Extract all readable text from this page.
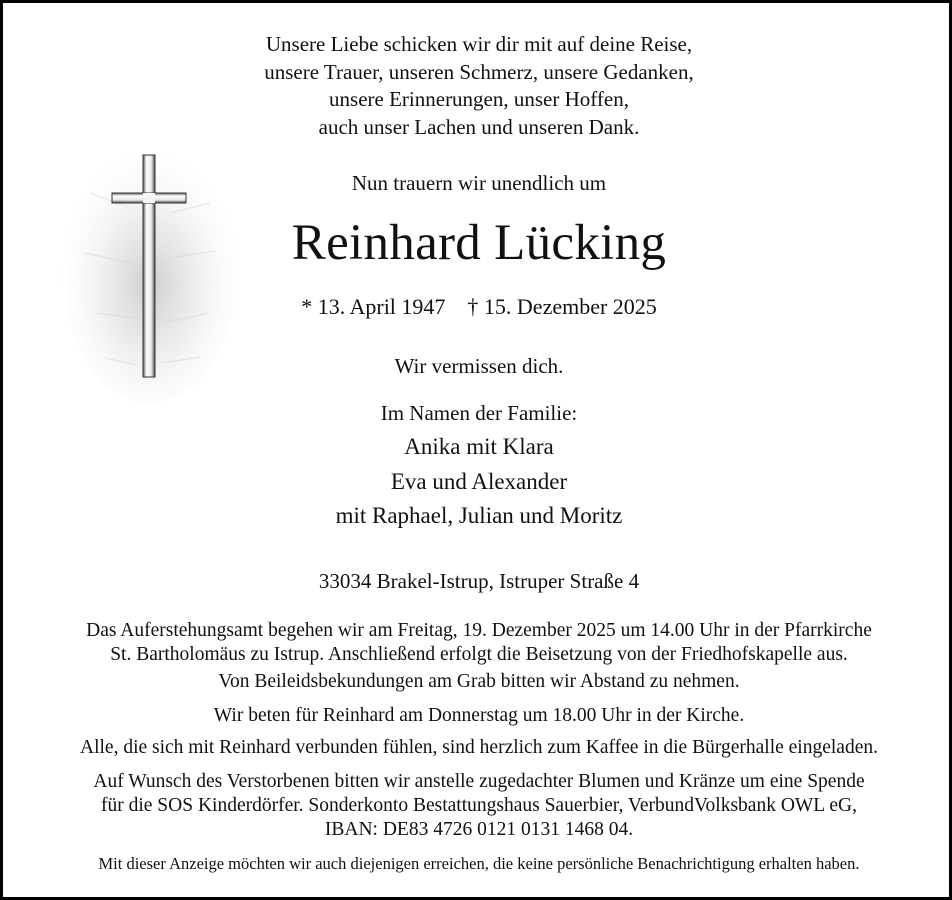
Unsere Liebe schicken wir dir mit auf deine Reise,
unsere Trauer, unseren Schmerz, unsere Gedanken,
unsere Erinnerungen, unser Hoffen,
auch unser Lachen und unseren Dank.
Nun trauern wir unendlich um
Reinhard Lücking
* 13. April 1947 † 15. Dezember 2025
Wir vermissen dich.
Im Namen der Familie:
Anika mit Klara
Eva und Alexander
mit Raphael, Julian und Moritz
33034 Brakel-Istrup, Istruper Straße 4
Das Auferstehungsamt begehen wir am Freitag, 19. Dezember 2025 um 14.00 Uhr in der Pfarrkirche
St. Bartholomäus zu Istrup. Anschließend erfolgt die Beisetzung von der Friedhofskapelle aus.
Von Beileidsbekundungen am Grab bitten wir Abstand zu nehmen.
Wir beten für Reinhard am Donnerstag um 18.00 Uhr in der Kirche.
Alle, die sich mit Reinhard verbunden fühlen, sind herzlich zum Kaffee in die Bürgerhalle eingeladen.
Auf Wunsch des Verstorbenen bitten wir anstelle zugedachter Blumen und Kränze um eine Spende
für die SOS Kinderdörfer. Sonderkonto Bestattungshaus Sauerbier, VerbundVolksbank OWL eG,
IBAN: DE83 4726 0121 0131 1468 04.
Mit dieser Anzeige möchten wir auch diejenigen erreichen, die keine persönliche Benachrichtigung erhalten haben.
